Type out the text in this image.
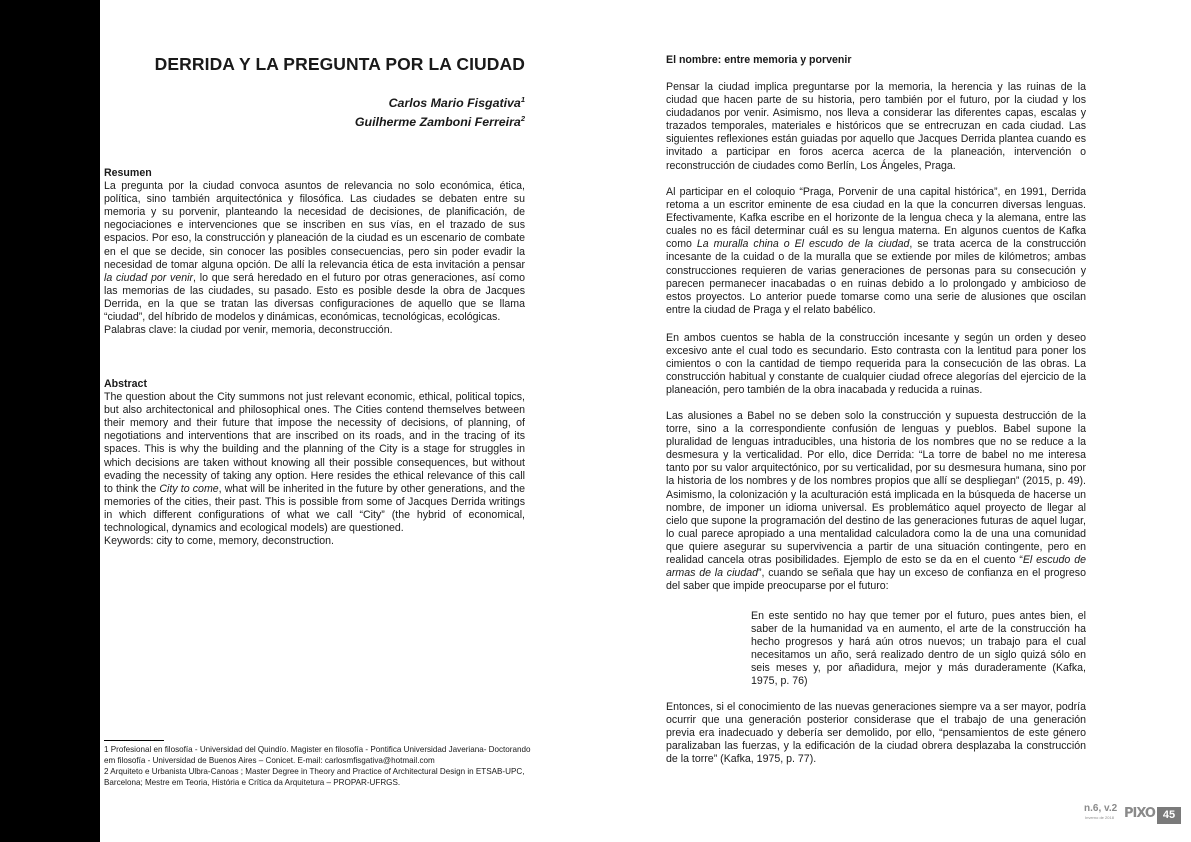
DERRIDA Y LA PREGUNTA POR LA CIUDAD
Carlos Mario Fisgativa$^1$
Guilherme Zamboni Ferreira$^2$

Resumen

La pregunta por la ciudad convoca asuntos de relevancia no solo económica, ética, política, sino también arquitectónica y filosófica. Las ciudades se debaten entre su memoria y su porvenir, planteando la necesidad de decisiones, de planificación, de negociaciones e intervenciones que se inscriben en sus vías, en el trazado de sus espacios. Por eso, la construcción y planeación de la ciudad es un escenario de combate en el que se decide, sin conocer las posibles consecuencias, pero sin poder evadir la necesidad de tomar alguna opción. De allí la relevancia ética de esta invitación a pensar la ciudad por venir, lo que será heredado en el futuro por otras generaciones, así como las memorias de las ciudades, su pasado. Esto es posible desde la obra de Jacques Derrida, en la que se tratan las diversas configuraciones de aquello que se llama “ciudad”, del híbrido de modelos y dinámicas, económicas, tecnológicas, ecológicas.

Palabras clave: la ciudad por venir, memoria, deconstrucción.

Abstract

The question about the City summons not just relevant economic, ethical, political topics, but also architectonical and philosophical ones. The Cities contend themselves between their memory and their future that impose the necessity of decisions, of planning, of negotiations and interventions that are inscribed on its roads, and in the tracing of its spaces. This is why the building and the planning of the City is a stage for struggles in which decisions are taken without knowing all their possible consequences, but without evading the necessity of taking any option. Here resides the ethical relevance of this call to think the City to come, what will be inherited in the future by other generations, and the memories of the cities, their past. This is possible from some of Jacques Derrida writings in which different configurations of what we call “City” (the hybrid of economical, technological, dynamics and ecological models) are questioned.

Keywords: city to come, memory, deconstruction.

1 Profesional en filosofía - Universidad del Quindío. Magister en filosofía - Pontifica Universidad Javeriana- Doctorando em filosofía - Universidad de Buenos Aires – Conicet. E-mail: carlosmfisgativa@hotmail.com

2 Arquiteto e Urbanista Ulbra-Canoas ; Master Degree in Theory and Practice of Architectural Design in ETSAB-UPC, Barcelona; Mestre em Teoria, História e Crítica da Arquitetura – PROPAR-UFRGS.

El nombre: entre memoria y porvenir

Pensar la ciudad implica preguntarse por la memoria, la herencia y las ruinas de la ciudad que hacen parte de su historia, pero también por el futuro, por la ciudad y los ciudadanos por venir. Asimismo, nos lleva a considerar las diferentes capas, escalas y trazados temporales, materiales e históricos que se entrecruzan en cada ciudad. Las siguientes reflexiones están guiadas por aquello que Jacques Derrida plantea cuando es invitado a participar en foros acerca acerca de la planeación, intervención o reconstrucción de ciudades como Berlín, Los Ángeles, Praga.

Al participar en el coloquio “Praga, Porvenir de una capital histórica”, en 1991, Derrida retoma a un escritor eminente de esa ciudad en la que la concurren diversas lenguas. Efectivamente, Kafka escribe en el horizonte de la lengua checa y la alemana, entre las cuales no es fácil determinar cuál es su lengua materna. En algunos cuentos de Kafka como La muralla china o El escudo de la ciudad, se trata acerca de la construcción incesante de la cuidad o de la muralla que se extiende por miles de kilómetros; ambas construcciones requieren de varias generaciones de personas para su consecución y parecen permanecer inacabadas o en ruinas debido a lo prolongado y ambicioso de estos proyectos. Lo anterior puede tomarse como una serie de alusiones que oscilan entre la ciudad de Praga y el relato babélico.

En ambos cuentos se habla de la construcción incesante y según un orden y deseo excesivo ante el cual todo es secundario. Esto contrasta con la lentitud para poner los cimientos o con la cantidad de tiempo requerida para la consecución de las obras. La construcción habitual y constante de cualquier ciudad ofrece alegorías del ejercicio de la planeación, pero también de la obra inacabada y reducida a ruinas.

Las alusiones a Babel no se deben solo la construcción y supuesta destrucción de la torre, sino a la correspondiente confusión de lenguas y pueblos. Babel supone la pluralidad de lenguas intraducibles, una historia de los nombres que no se reduce a la desmesura y la verticalidad. Por ello, dice Derrida: “La torre de babel no me interesa tanto por su valor arquitectónico, por su verticalidad, por su desmesura humana, sino por la historia de los nombres y de los nombres propios que allí se despliegan” (2015, p. 49). Asimismo, la colonización y la aculturación está implicada en la búsqueda de hacerse un nombre, de imponer un idioma universal. Es problemático aquel proyecto de llegar al cielo que supone la programación del destino de las generaciones futuras de aquel lugar, lo cual parece apropiado a una mentalidad calculadora como la de una una comunidad que quiere asegurar su supervivencia a partir de una situación contingente, pero en realidad cancela otras posibilidades. Ejemplo de esto se da en el cuento “El escudo de armas de la ciudad”, cuando se señala que hay un exceso de confianza en el progreso del saber que impide preocuparse por el futuro:

En este sentido no hay que temer por el futuro, pues antes bien, el saber de la humanidad va en aumento, el arte de la construcción ha hecho progresos y hará aún otros nuevos; un trabajo para el cual necesitamos un año, será realizado dentro de un siglo quizá sólo en seis meses y, por añadidura, mejor y más duraderamente (Kafka, 1975, p. 76)

Entonces, si el conocimiento de las nuevas generaciones siempre va a ser mayor, podría ocurrir que una generación posterior considerase que el trabajo de una generación previa era inadecuado y debería ser demolido, por ello, “pensamientos de este género paralizaban las fuerzas, y la edificación de la ciudad obrera desplazaba la construcción de la torre” (Kafka, 1975, p. 77).

n.6, v.2
Inverno de 2018 PIXO 45
